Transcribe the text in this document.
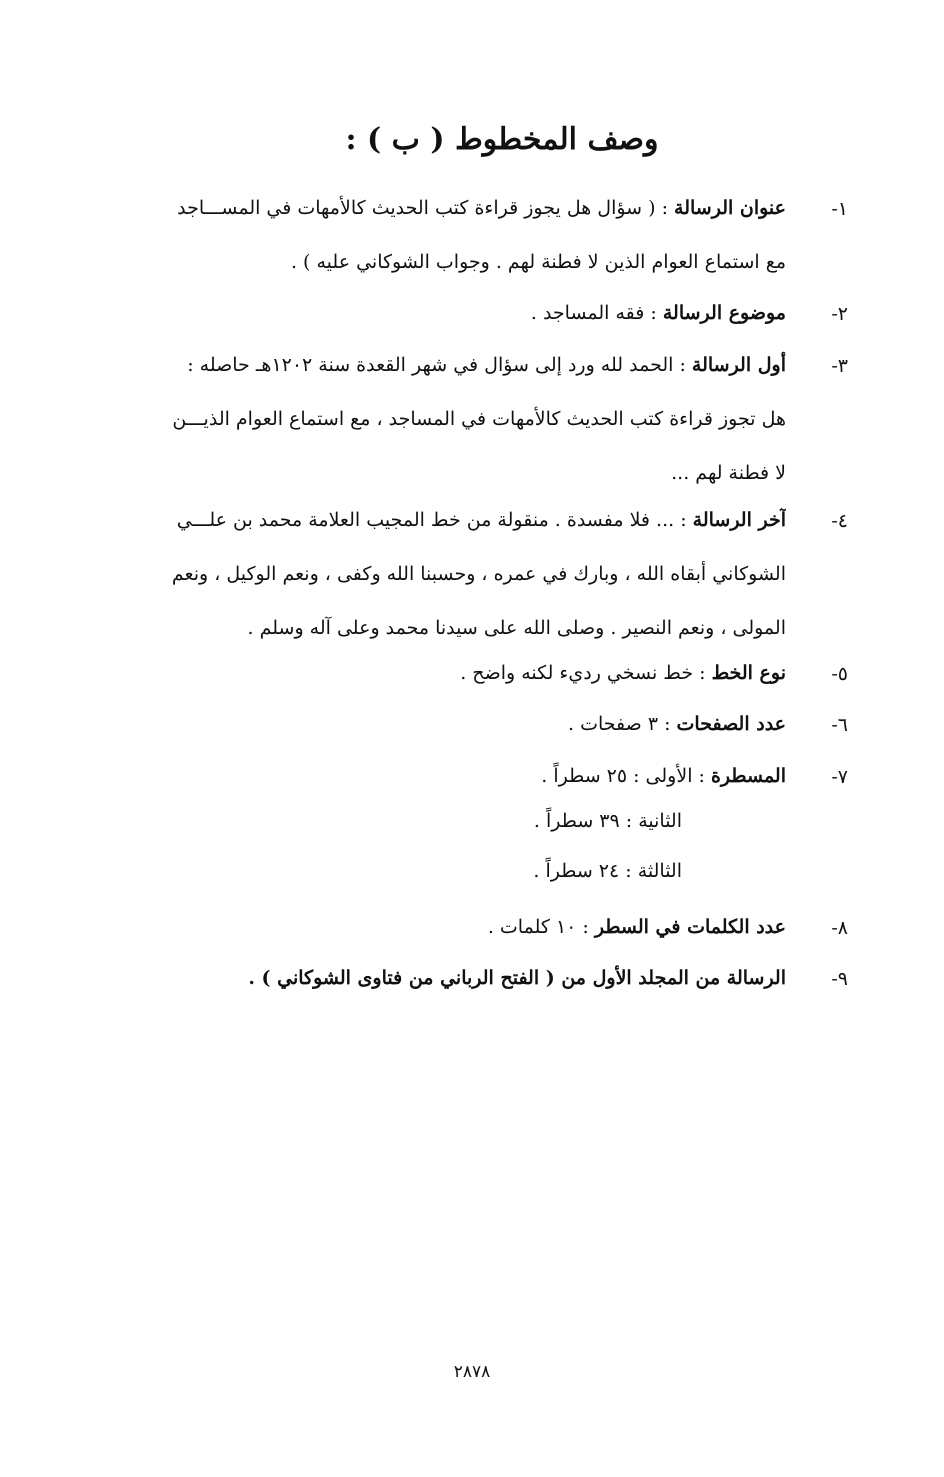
وصف المخطوط ( ب ) :
١-
عنوان الرسالة : ( سؤال هل يجوز قراءة كتب الحديث كالأمهات في المســـاجد
مع استماع العوام الذين لا فطنة لهم . وجواب الشوكاني عليه ) .
٢-
موضوع الرسالة : فقه المساجد .
٣-
أول الرسالة : الحمد لله ورد إلى سؤال في شهر القعدة سنة ١٢٠٢هـ حاصله :
هل تجوز قراءة كتب الحديث كالأمهات في المساجد ، مع استماع العوام الذيـــن
لا فطنة لهم ...
٤-
آخر الرسالة : ... فلا مفسدة . منقولة من خط المجيب العلامة محمد بن علـــي
الشوكاني أبقاه الله ، وبارك في عمره ، وحسبنا الله وكفى ، ونعم الوكيل ، ونعم
المولى ، ونعم النصير . وصلى الله على سيدنا محمد وعلى آله وسلم .
٥-
نوع الخط : خط نسخي رديء لكنه واضح .
٦-
عدد الصفحات : ٣ صفحات .
٧-
المسطرة : الأولى : ٢٥ سطراً .
الثانية : ٣٩ سطراً .
الثالثة : ٢٤ سطراً .
٨-
عدد الكلمات في السطر : ١٠ كلمات .
٩-
الرسالة من المجلد الأول من ( الفتح الرباني من فتاوى الشوكاني ) .
٢٨٧٨
